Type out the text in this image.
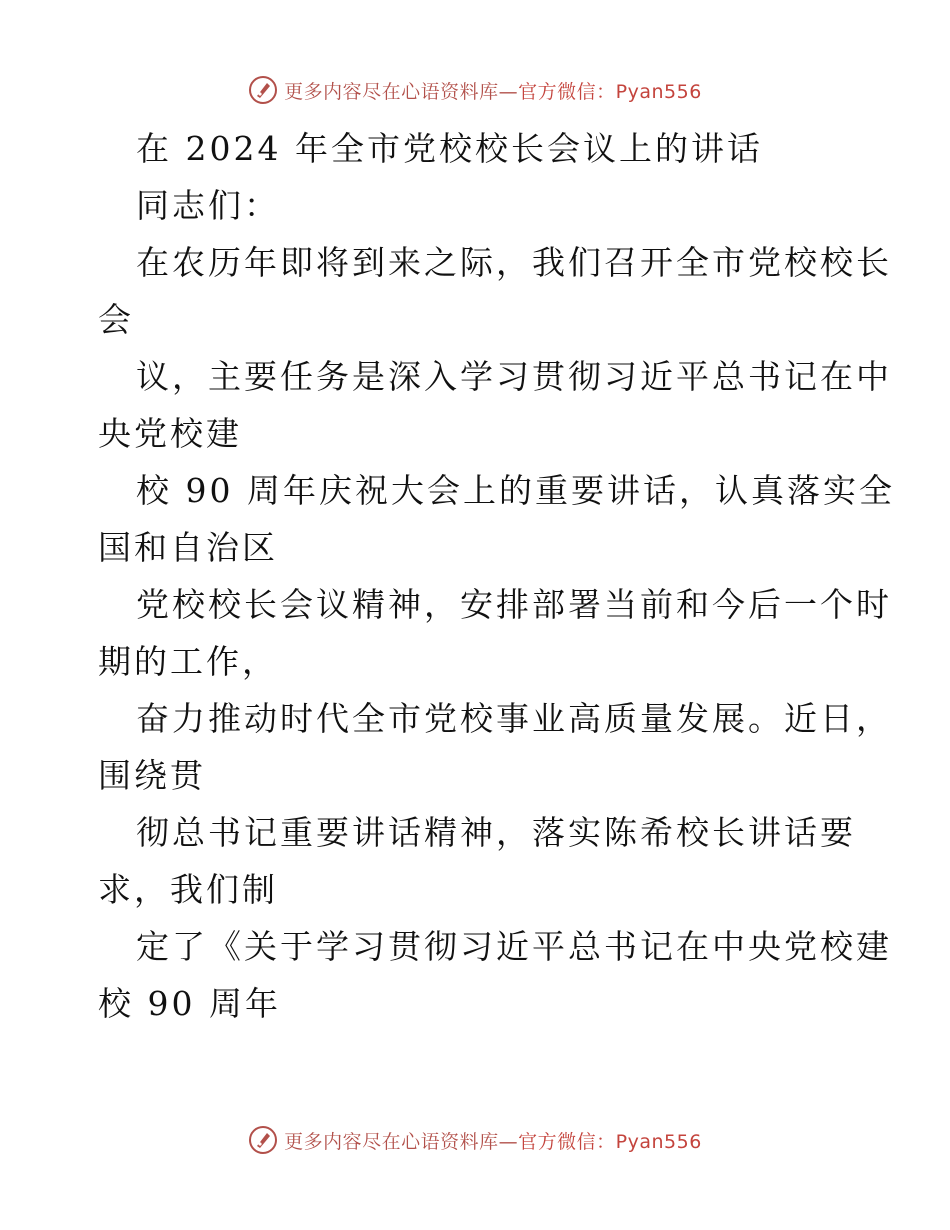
更多内容尽在心语资料库—官方微信：Pyan556
在 2024 年全市党校校长会议上的讲话
同志们：
在农历年即将到来之际，我们召开全市党校校长
会
议，主要任务是深入学习贯彻习近平总书记在中
央党校建
校 90 周年庆祝大会上的重要讲话，认真落实全
国和自治区
党校校长会议精神，安排部署当前和今后一个时
期的工作，
奋力推动时代全市党校事业高质量发展。近日，
围绕贯
彻总书记重要讲话精神，落实陈希校长讲话要
求，我们制
定了《关于学习贯彻习近平总书记在中央党校建
校 90 周年
更多内容尽在心语资料库—官方微信：Pyan556
